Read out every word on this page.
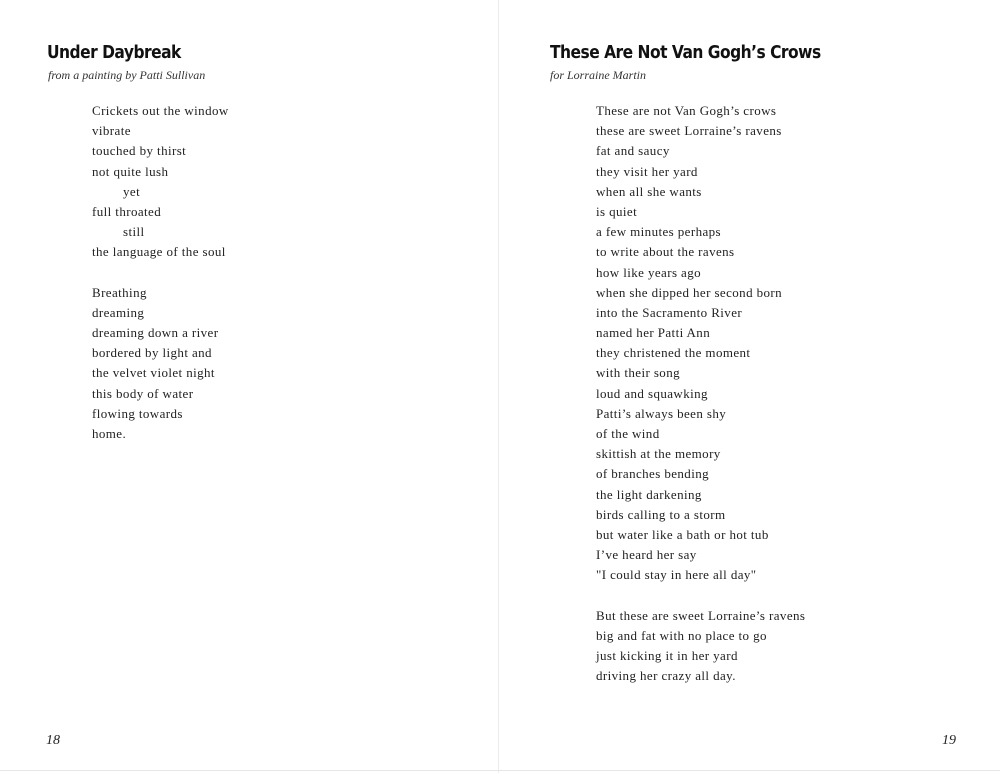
Under Daybreak

from a painting by Patti Sullivan

Crickets out the window
vibrate
touched by thirst
not quite lush
yet
full throated
still
the language of the soul
Breathing
dreaming
dreaming down a river
bordered by light and
the velvet violet night
this body of water
flowing towards
home.

18

These Are Not Van Gogh’s Crows

for Lorraine Martin

These are not Van Gogh’s crows
these are sweet Lorraine’s ravens
fat and saucy
they visit her yard
when all she wants
is quiet
a few minutes perhaps
to write about the ravens
how like years ago
when she dipped her second born
into the Sacramento River
named her Patti Ann
they christened the moment
with their song
loud and squawking
Patti’s always been shy
of the wind
skittish at the memory
of branches bending
the light darkening
birds calling to a storm
but water like a bath or hot tub
I’ve heard her say
"I could stay in here all day"
But these are sweet Lorraine’s ravens
big and fat with no place to go
just kicking it in her yard
driving her crazy all day.

19
